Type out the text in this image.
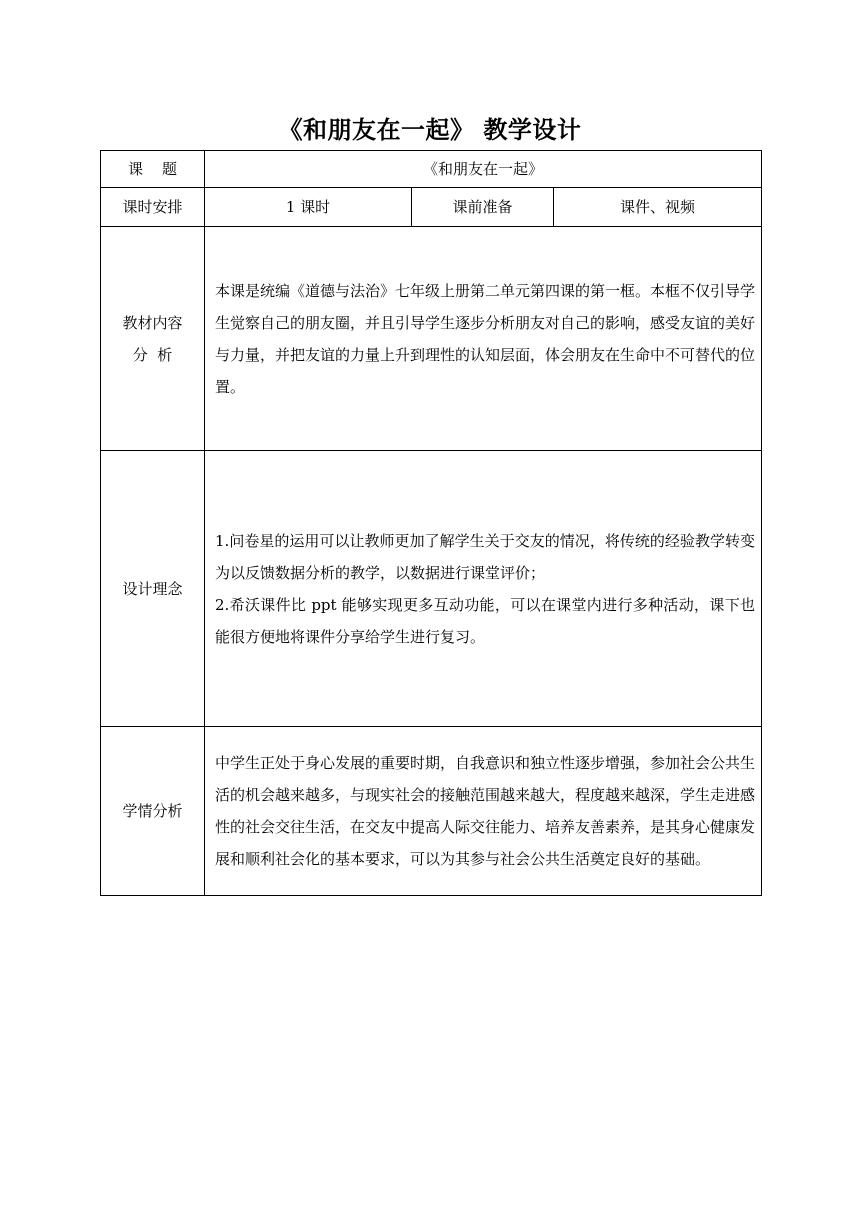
《和朋友在一起》 教学设计
课    题	《和朋友在一起》		
课时安排	1 课时	课前准备	课件、视频

教材内容
分  析	本课是统编《道德与法治》七年级上册第二单元第四课的第一框。本框不仅引导学生觉察自己的朋友圈，并且引导学生逐步分析朋友对自己的影响，感受友谊的美好与力量，并把友谊的力量上升到理性的认知层面，体会朋友在生命中不可替代的位置。		
设计理念	1.问卷星的运用可以让教师更加了解学生关于交友的情况，将传统的经验教学转变为以反馈数据分析的教学，以数据进行课堂评价；
2.希沃课件比 ppt 能够实现更多互动功能，可以在课堂内进行多种活动，课下也能很方便地将课件分享给学生进行复习。		

学情分析	中学生正处于身心发展的重要时期，自我意识和独立性逐步增强，参加社会公共生活的机会越来越多，与现实社会的接触范围越来越大，程度越来越深，学生走进感性的社会交往生活，在交友中提高人际交往能力、培养友善素养，是其身心健康发展和顺利社会化的基本要求，可以为其参与社会公共生活奠定良好的基础。		
